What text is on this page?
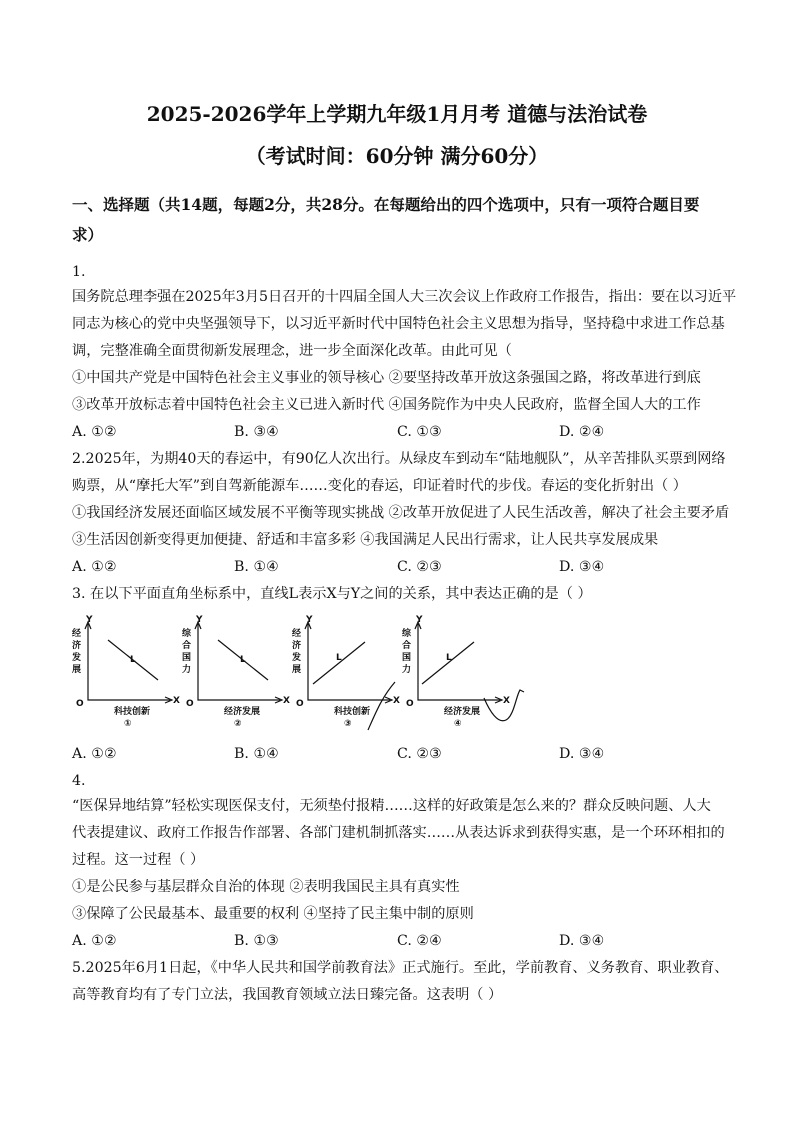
2025-2026学年上学期九年级1月月考 道德与法治试卷
（考试时间：60分钟 满分60分）
一、选择题（共14题，每题2分，共28分。在每题给出的四个选项中，只有一项符合题目要求）
1.
国务院总理李强在2025年3月5日召开的十四届全国人大三次会议上作政府工作报告，指出：要在以习近平
同志为核心的党中央坚强领导下，以习近平新时代中国特色社会主义思想为指导，坚持稳中求进工作总基
调，完整准确全面贯彻新发展理念，进一步全面深化改革。由此可见（
①中国共产党是中国特色社会主义事业的领导核心 ②要坚持改革开放这条强国之路，将改革进行到底
③改革开放标志着中国特色社会主义已进入新时代 ④国务院作为中央人民政府，监督全国人大的工作
A. ①②	B. ③④	C. ①③	D. ②④
2.2025年，为期40天的春运中，有90亿人次出行。从绿皮车到动车“陆地舰队”，从辛苦排队买票到网络
购票，从“摩托大军”到自驾新能源车……变化的春运，印证着时代的步伐。春运的变化折射出（ ）
①我国经济发展还面临区域发展不平衡等现实挑战 ②改革开放促进了人民生活改善，解决了社会主要矛盾
③生活因创新变得更加便捷、舒适和丰富多彩 ④我国满足人民出行需求，让人民共享发展成果
A. ①②	B. ①④	C. ②③	D. ③④
3. 在以下平面直角坐标系中，直线L表示X与Y之间的关系，其中表达正确的是（ ）
Y	Y	Y	Y
X	X	X	X
O	O	O	O
L	L	L	L
经
济
发
展
综
合
国
力
经
济
发
展
综
合
国
力
科技创新	经济发展	科技创新	经济发展
①	②	③	④
A. ①②	B. ①④	C. ②③	D. ③④
4.
“医保异地结算”轻松实现医保支付，无须垫付报精……这样的好政策是怎么来的？群众反映问题、人大
代表提建议、政府工作报告作部署、各部门建机制抓落实……从表达诉求到获得实惠，是一个环环相扣的
过程。这一过程（ ）
①是公民参与基层群众自治的体现 ②表明我国民主具有真实性
③保障了公民最基本、最重要的权利 ④坚持了民主集中制的原则
A. ①②	B. ①③	C. ②④	D. ③④
5.2025年6月1日起，《中华人民共和国学前教育法》正式施行。至此，学前教育、义务教育、职业教育、
高等教育均有了专门立法，我国教育领域立法日臻完备。这表明（ ）
